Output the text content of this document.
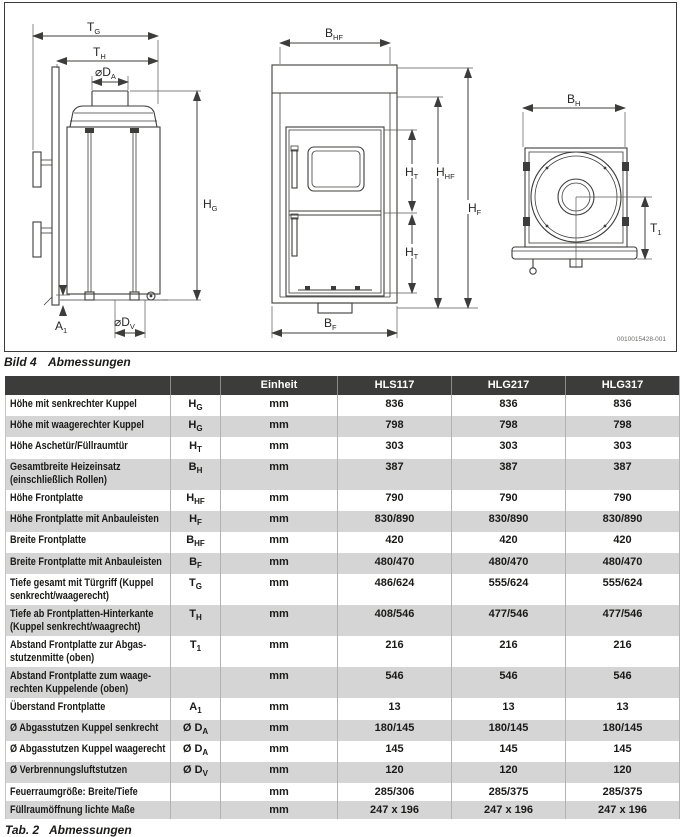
$T_G$
$T_H$
$⌀D_A$
$H_G$
$A_1$
$⌀D_V$
$B_{HF}$
$H_T$
$H_T$
$H_{HF}$
$H_F$
$B_F$
$B_H$
$T_1$
0010015428-001
Bild 4 Abmessungen
		Einheit	HLS117	HLG217	HLG317

Höhe mit senkrechter Kuppel	$H_G$	mm	836	836	836

Höhe mit waagerechter Kuppel	$H_G$	mm	798	798	798

Höhe Aschetür/Füllraumtür	$H_T$	mm	303	303	303

Gesamtbreite Heizeinsatz
(einschließlich Rollen)	$B_H$	mm	387	387	387

Höhe Frontplatte	$H_{HF}$	mm	790	790	790

Höhe Frontplatte mit Anbauleisten	$H_F$	mm	830/890	830/890	830/890

Breite Frontplatte	$B_{HF}$	mm	420	420	420

Breite Frontplatte mit Anbauleisten	$B_F$	mm	480/470	480/470	480/470

Tiefe gesamt mit Türgriff (Kuppel
senkrecht/waagerecht)	$T_G$	mm	486/624	555/624	555/624

Tiefe ab Frontplatten-Hinterkante
(Kuppel senkrecht/waagrecht)	$T_H$	mm	408/546	477/546	477/546

Abstand Frontplatte zur Abgas-
stutzenmitte (oben)	$T_1$	mm	216	216	216

Abstand Frontplatte zum waage-
rechten Kuppelende (oben)		mm	546	546	546

Überstand Frontplatte	$A_1$	mm	13	13	13

Ø Abgasstutzen Kuppel senkrecht	Ø $D_A$	mm	180/145	180/145	180/145

Ø Abgasstutzen Kuppel waagerecht	Ø $D_A$	mm	145	145	145

Ø Verbrennungsluftstutzen	Ø $D_V$	mm	120	120	120

Feuerraumgröße: Breite/Tiefe		mm	285/306	285/375	285/375

Füllraumöffnung lichte Maße		mm	247 x 196	247 x 196	247 x 196
Tab. 2 Abmessungen
